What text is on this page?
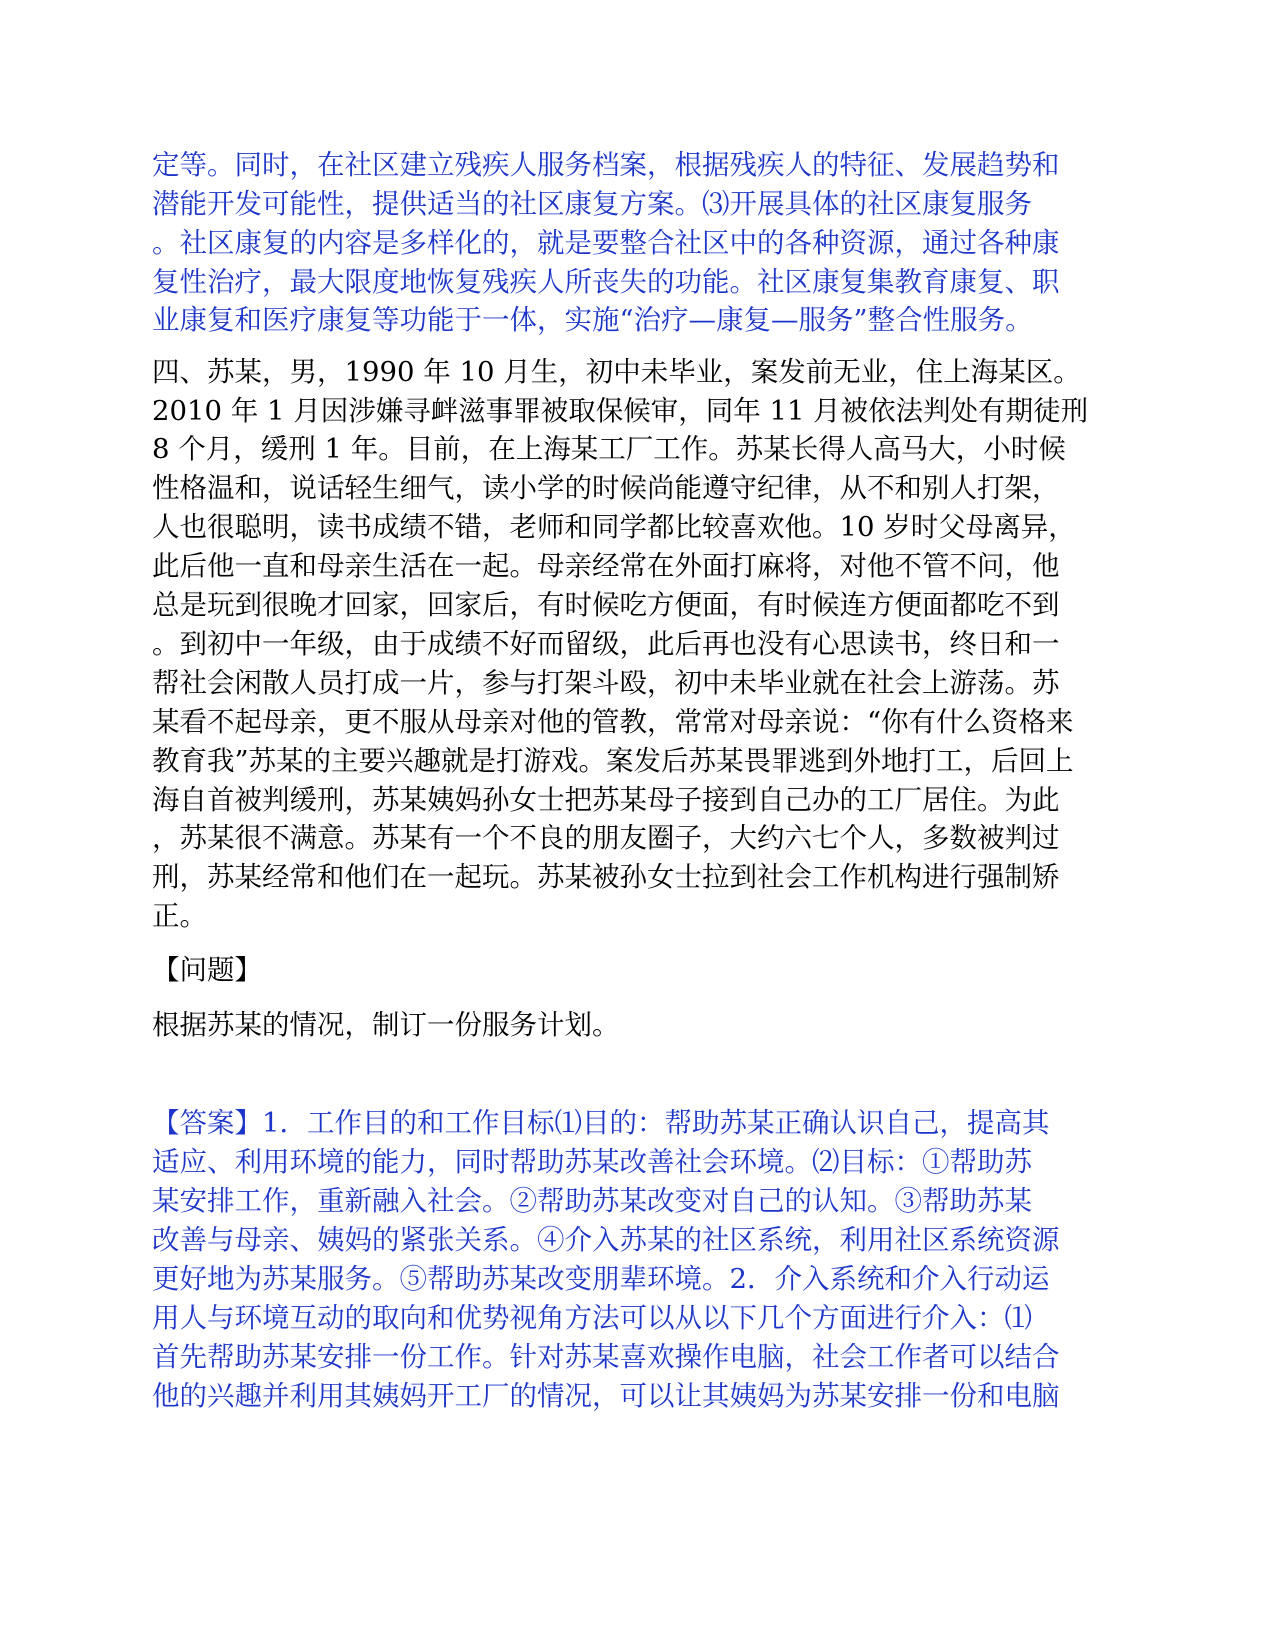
定等。同时，在社区建立残疾人服务档案，根据残疾人的特征、发展趋势和
潜能开发可能性，提供适当的社区康复方案。⑶开展具体的社区康复服务
。社区康复的内容是多样化的，就是要整合社区中的各种资源，通过各种康
复性治疗，最大限度地恢复残疾人所丧失的功能。社区康复集教育康复、职
业康复和医疗康复等功能于一体，实施“治疗—康复—服务”整合性服务。
四、苏某，男，1990 年 10 月生，初中未毕业，案发前无业，住上海某区。
2010 年 1 月因涉嫌寻衅滋事罪被取保候审，同年 11 月被依法判处有期徒刑
8 个月，缓刑 1 年。目前，在上海某工厂工作。苏某长得人高马大，小时候
性格温和，说话轻生细气，读小学的时候尚能遵守纪律，从不和别人打架，
人也很聪明，读书成绩不错，老师和同学都比较喜欢他。10 岁时父母离异，
此后他一直和母亲生活在一起。母亲经常在外面打麻将，对他不管不问，他
总是玩到很晚才回家，回家后，有时候吃方便面，有时候连方便面都吃不到
。到初中一年级，由于成绩不好而留级，此后再也没有心思读书，终日和一
帮社会闲散人员打成一片，参与打架斗殴，初中未毕业就在社会上游荡。苏
某看不起母亲，更不服从母亲对他的管教，常常对母亲说：“你有什么资格来
教育我”苏某的主要兴趣就是打游戏。案发后苏某畏罪逃到外地打工，后回上
海自首被判缓刑，苏某姨妈孙女士把苏某母子接到自己办的工厂居住。为此
，苏某很不满意。苏某有一个不良的朋友圈子，大约六七个人，多数被判过
刑，苏某经常和他们在一起玩。苏某被孙女士拉到社会工作机构进行强制矫
正。
【问题】
根据苏某的情况，制订一份服务计划。
【答案】1．工作目的和工作目标⑴目的：帮助苏某正确认识自己，提高其
适应、利用环境的能力，同时帮助苏某改善社会环境。⑵目标：①帮助苏
某安排工作，重新融入社会。②帮助苏某改变对自己的认知。③帮助苏某
改善与母亲、姨妈的紧张关系。④介入苏某的社区系统，利用社区系统资源
更好地为苏某服务。⑤帮助苏某改变朋辈环境。2．介入系统和介入行动运
用人与环境互动的取向和优势视角方法可以从以下几个方面进行介入：⑴
首先帮助苏某安排一份工作。针对苏某喜欢操作电脑，社会工作者可以结合
他的兴趣并利用其姨妈开工厂的情况，可以让其姨妈为苏某安排一份和电脑
